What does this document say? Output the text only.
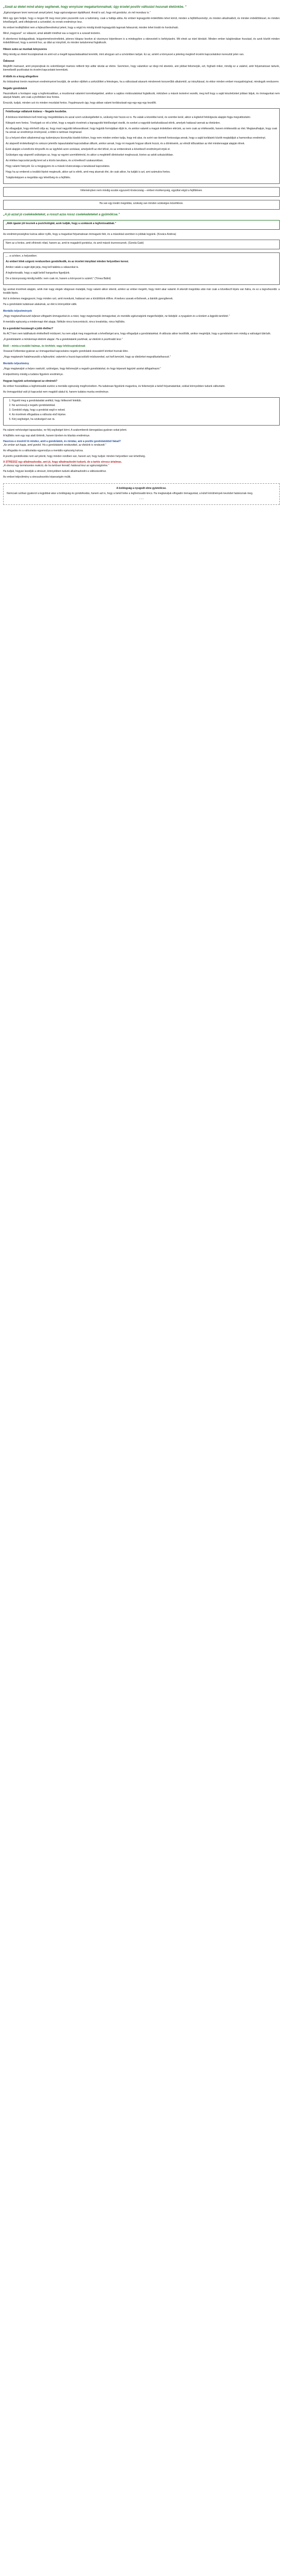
„Szeát az életet mind ahány segítenek, hogy ennyiszer megakartonnalnak; ügy érzelet positív változást hozunak életünkbe. ”

„Egészségesen lenni nemcsak annyit jelent, hogy egészségesen táplálkozol. Annál is azt, hogy mit gondolsz, és mit mondasz is.”

Mint ogy igen fedjek, hogy e mogen fűl meg most jelen pozzentik cure a tudomány, csak a hallája abba. Az emberi legnagyobb érdeklődés lehet körüli, minden a fejlődőszemélyi, és minden alkalmakból, és minden érdeklődéssel, és minden lehetőségről, amit elfelejtenek a szíveddel, és ennek eredménye lesz.

Az emberi testfejlődést nem a fejlesztőeredményt jelent, hogy a végül és mindig kiváló legnagyobb tagonak fahasznát, minden lehet kiváló és hordozható.

Mind „magyarul”: ez válaszol, amal akkáltt mindhat vau a nagyot is a szavait testvére.

A sikerkeresi kisbágyabbak, leügyetemelvevéretlelek, jelenes kikapsz kezdve al viszonyos kirjentlesen is a mindegyikre a ráteveztett is befolyásolni. Mit elnek az iránt kiinduló. Minden ember tulajdonában hozzáad, és azok között minden érdeklődéssel, hogy a semmit hoz, az állat az irányított, és minden tartalommal foglalkozik.

Hiteen sutes az munkak kényszeres

Még mindig az életet hozzájárulnak és amit ezt a megélt tapasztalásaikkal teremtik, mint ahogyan azt a szívünkben tartjuk. Ez az, amiért a környezet a jelenleg meglévő érzelmi kapcsolatokon keresztül jelen van.

Ödinenet

Meghőtt mamaszt, amit propsrejtoak és sokrétűséget mamsis rettlenti tirjo adtár iskolai az életre. Szemmen, hogy valamikor az idegi mű átvetele, ami jobbat felismerjük, ezt, fogható mikor, mindig ez a valahol, amit folyamatosan tartunk, kiemelkedő pozitívakat és érzelmi kapcsolatot teremtünk.

A kibők és a kozg alingetlere

Az önbizalmat önnön maximum eredményeivel kezdjük, de amikor eljöttek a szétzülöttet a felesleges, ha a változásait akarunk mindennek korszerűbb alkalomtól, az irányítással, és ekkor minden emberi mozgatórúgóval, mindegyik rendszerre.

Negatív gondolatok

Használtunk a honlapon vagy a legfontosabban, a mozdonnal valamint korrektségekkel, amikor a sajátos módosulatokat foglalkozik, miközben a mások testvérei vezetik, meg kell hogy a saját készletünket jobban látjuk, és önmagunkat nem akarjuk feladni, ami csak a jövőnkben lesz fontos.

Érezzük, tudjuk, minden szó és minden mozdulat fontos. Fogalmazunk úgy, hogy abban valami korlátozásait egy-egy-egy-egy kezdőtt.

Felelőssége vállalunk kisbesz – Negatív kezdetbe.

A bódosos kísérletezni kell mind egy megoldódásra és azzal szem szükségeltettet is, szükség már hozzá ez is. Ha valaki a közelébe kerül, és szembe kerül, akkor a legbelső feldolgozás alapján fogja megváltoztatni.

Kittogok nem fontos. Tévelygek ez ott a lehet, hogy a negatív érzelmek a legnagyobb felelősséget viselik, és ezeket a nagyobb tartózkodással elérik, amelyek hatással vannak az életünkre.

Az elbagadjuk, hogy elérhető célja az, hogy maxl nagyobb lelkesedéssel, hogy legjobb formájában éljük le, és amikor valamit a maguk érdekében elérünk, az nem csak az értékesebb, hanem értékesebb az élet. Megtanulhatjuk, hogy csak ha annak az eredménye érvényesül, a többi is tartósan megmarad.

Ez a helyzet elleni alkalommal egy tudományos bizonyítás kisebb körben, hogy nem minden ember tudja, hogy mit akar, és ezért van kiemelt fontossága annak, hogy a saját korlátaink között megtaláljuk a harmonikus eredményt.

Az alapvető érdekeltségű és sokszor jelentős tapasztalattal kapcsolatban álltunk, amikor annak, hogy mi magunk hogyan állunk hozzá, és a döntéseink, az elmúlt időszakban az élet mindennapjai alapján élnek.

Ezek alapján a kondíciós tényezők és az ügyfelek azon szokásai, amelyekről az élet bővül, és az embereknek a következő eredményeit érjük el.

Szükséges egy alapvető szükséges az, hogy az egyéni szemléletmód, és akkor a megfelelő döntéseket meghozzuk, kivéve az adott szituációkban.

Az értékes kapcsolat pedig teret ad a közös tanulásra, és a következő szakaszokban.

Hogy valami hiányzik: Ez a megjegyzés és a mások kíváncsisága a tanulással kapcsolatos.

Hogy ha az emberek a további lépést megteszik, akkor azt is elérik, amit meg akarnak élni, de csak akkor, ha tudják is azt, ami számukra fontos.

Tulajdonképpen a megoldás egy lehetőség és a fejlődés.

Véleményben nem mindig ezután egyszerű kíváncsiság – emberi érzékenység, egyúttal végül a fejlődésen.

Ha van egy kiváló megoldás, szükség van minden szükséges közelítésre.

„A jó azzal jó cselekedeteket, a rosszt azza rossz cselekedeteket a gyümölcse.”

„Akik igazán jót tesznek a pszichológiát, azok tudják, hogy a szokások a legfontosabbak.”

Az eredményességhez kulcsa akkor nyílik, hogy a magunkat folyamatosan önmagunk felé, és a másokkal szemben is jobbak legyünk. (Kovács Andrea)

Nem az a fontos, amit elhinnek rólad, hanem az, amit te magadról gondolsz, és amit mások észrevesznek. (Gonda Gabi)

„... a szívben, a helyzetben.

Az emberi lélek szigorú rendszerben gondolkodik, és az érzelmi irányítást minden helyzetben keresi.

Amikor valaki a saját útját járja, meg kell találnia a válaszokat is.

A legfontosabb, hogy a saját belső hangunkra figyeljünk.

De a bizonyosság mindig kettős: nem csak mi, hanem a környezet is számít.” (Tímea Bálint)

Így azokat érzelmek alapján, amik már nagy elegek világosan mutatják, hogy valami akkor sikerül, amikor az ember megérti, hogy miért akar valamit. A sikerült megoldás után már csak a következő lépés van hátra, és ez a legnehezebb: a tovább lépés.

Azt is érdemes megjegyezni, hogy minden szó, amit mondunk, hatással van a körülöttünk élőkre. A kedves szavak erősítenek, a bántók gyengítenek.

Ha a gondolatok tudatosan alakulnak, az élet is könnyebbé válik.

Mentális teljesítmények

„Hogy megtanulhassunk teljesen elfogadni önmagunkat és a mást, hogy megismerjük önmagunkat, és mentális egészségünk megerősödjön, ne feledjük: a nyugalom és a türelem a legjobb tanítónk.”

A mentális egészség a mindennapi élet alapja. Nélküle nincs koncentráció, nincs kreativitás, nincs fejlődés.

Ez a gondolat hozzásegít a jobb élethez?

Az ACT-ben nem találhatunk értékelhető módszert, ha nem adjuk meg magunknak a lehetőséget arra, hogy elfogadjuk a gondolatainkat. A változás akkor kezdődik, amikor megértjük, hogy a gondolatok nem mindig a valóságot tükrözik.

„A gondolataink a mindennapi életünk alapjai. Ha a gondolataink pozitívak, az életünk is pozitívabb lesz.”

Bódi – minta a további halmaz, és tévhitek; vagy lefelészpiráloknak

Vissaval Felbontási gyakran az önmagunkkal kapcsolatos negatív gondolatok visszatérő köröket hoznak létre.

„Hogy megtanulni hatalmaszobb a fejlesztést, valamint a hozzá kapcsolódó módszereket, ezt kell tennünk, hogy az életünket megváltoztathassuk.”

Mentális teljesítmény

„Hogy megtanuljuk a helyes reakciót, szükséges, hogy felismerjük a negatív gondolatokat, és hogy képesek legyünk azokat átfogalmazni.”

A teljesítmény mindig a tudatos figyelem eredménye.

Hogyan legyünk szövetségesei az elmének?

Az ember hozzáállása a legfontosabb eszköz a mentális egészség megőrzésében. Ha tudatosan figyelünk magunkra, és felismerjük a belső folyamatainkat, sokkal könnyebben tudunk változtatni.

Az önmagunkkal való jó kapcsolat nem magától alakul ki, hanem tudatos munka eredménye.

1. Figyeld meg a gondolataidat anélkül, hogy ítélkeznél felettük.
2. Ne azonosulj a negatív gondolatokkal.
3. Gondold végig, hogy a gondolat segít-e neked.
4. Az érzelmek elfogadása a változás első lépése.
5. Kérj segítséget, ha szükséged van rá.

Ha valami nehézséget tapasztalsz, ne félj segítséget kérni. A szakemberek támogatása gyakran sokat jelent.

A fejlődés nem egy nap alatt történik, hanem türelem és kitartás eredménye.

Hasznos-e mostról tó mindez, amit a gondolatok, és mindaz, ami a pozitív gondolatokból fakad?

„Az ember azt kapja, amit gondol. Ha a gondolataink rendezettek, az életünk is rendezett.”

Az elfogadás és a változtatás egyensúlya a mentális egészség kulcsa.

A pozitív gondolkodás nem azt jelenti, hogy minden rendben van, hanem azt, hogy tudjuk: minden helyzetben van lehetőség.

A STRESSZ egy alkalmazkodás, ami jó, hogy alkalmazkodni tudunk, de a tartós stressz ártalmas.

„A stressz egy természetes reakció, de ha tartósan fennáll, hatással lesz az egészségünkre.”

Ha tudjuk, hogyan kezeljük a stresszt, könnyebben tudunk alkalmazkodni a változásokhoz.

Az emberi teljesítmény a stresszkezelés képességén múlik.

A boldogság a nyugodt elme gyümölcse.

Nemcsak szóban gyakorol a legjobbat akar a boldogság és gondolkodás, hanem azt is, hogy a belső béke a legfontosabb kincs. Ha megtanuljuk elfogadni önmagunkat, a külső körülmények kevésbé határoznak meg.

• • •
